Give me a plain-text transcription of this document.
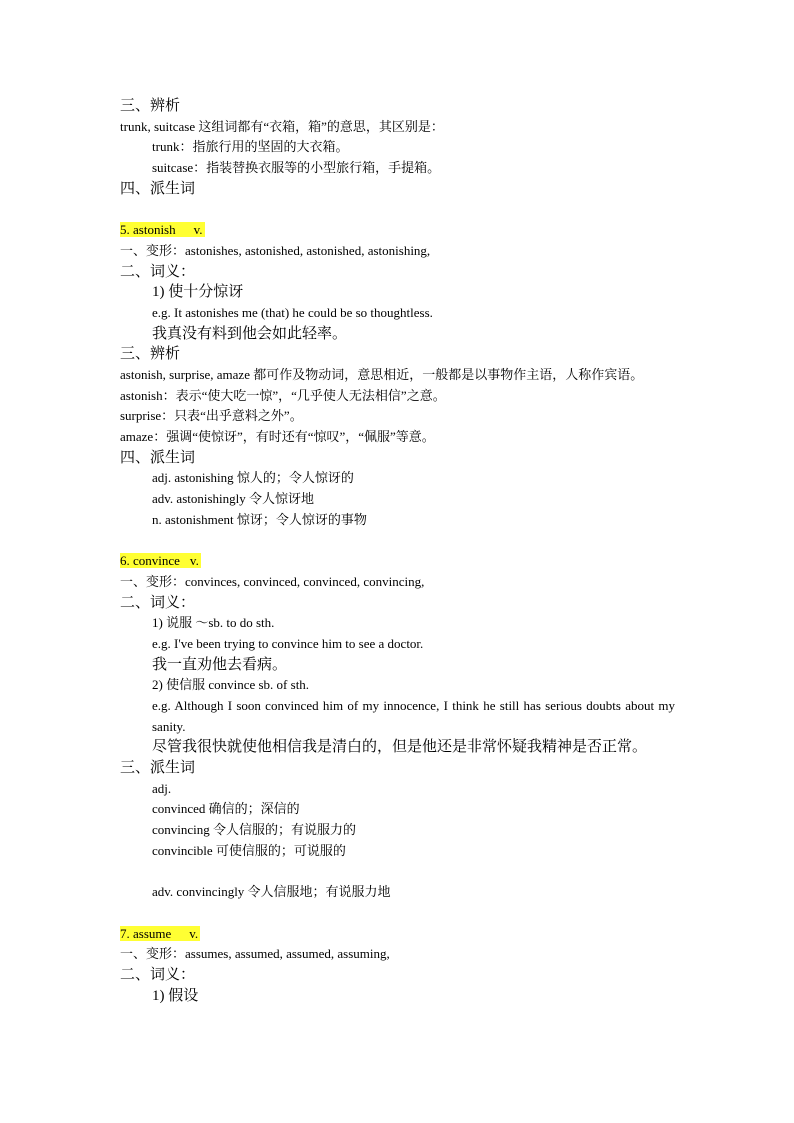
三、辨析
trunk, suitcase 这组词都有“衣箱，箱”的意思，其区别是：
trunk：指旅行用的坚固的大衣箱。
suitcase：指装替换衣服等的小型旅行箱，手提箱。
四、派生词
5. astonish v.
一、变形：astonishes, astonished, astonished, astonishing,
二、词义：
1) 使十分惊讶
e.g. It astonishes me (that) he could be so thoughtless.
我真没有料到他会如此轻率。
三、辨析
astonish, surprise, amaze 都可作及物动词，意思相近，一般都是以事物作主语，人称作宾语。
astonish：表示“使大吃一惊”，“几乎使人无法相信”之意。
surprise：只表“出乎意料之外”。
amaze：强调“使惊讶”，有时还有“惊叹”，“佩服”等意。
四、派生词
adj. astonishing 惊人的；令人惊讶的
adv. astonishingly 令人惊讶地
n. astonishment 惊讶；令人惊讶的事物
6. convince v.
一、变形：convinces, convinced, convinced, convincing,
二、词义：
1) 说服 ～sb. to do sth.
e.g. I've been trying to convince him to see a doctor.
我一直劝他去看病。
2) 使信服 convince sb. of sth.
e.g. Although I soon convinced him of my innocence, I think he still has serious doubts about my sanity.
尽管我很快就使他相信我是清白的，但是他还是非常怀疑我精神是否正常。
三、派生词
adj.
convinced 确信的；深信的
convincing 令人信服的；有说服力的
convincible 可使信服的；可说服的
adv. convincingly 令人信服地；有说服力地
7. assume v.
一、变形：assumes, assumed, assumed, assuming,
二、词义：
1) 假设
